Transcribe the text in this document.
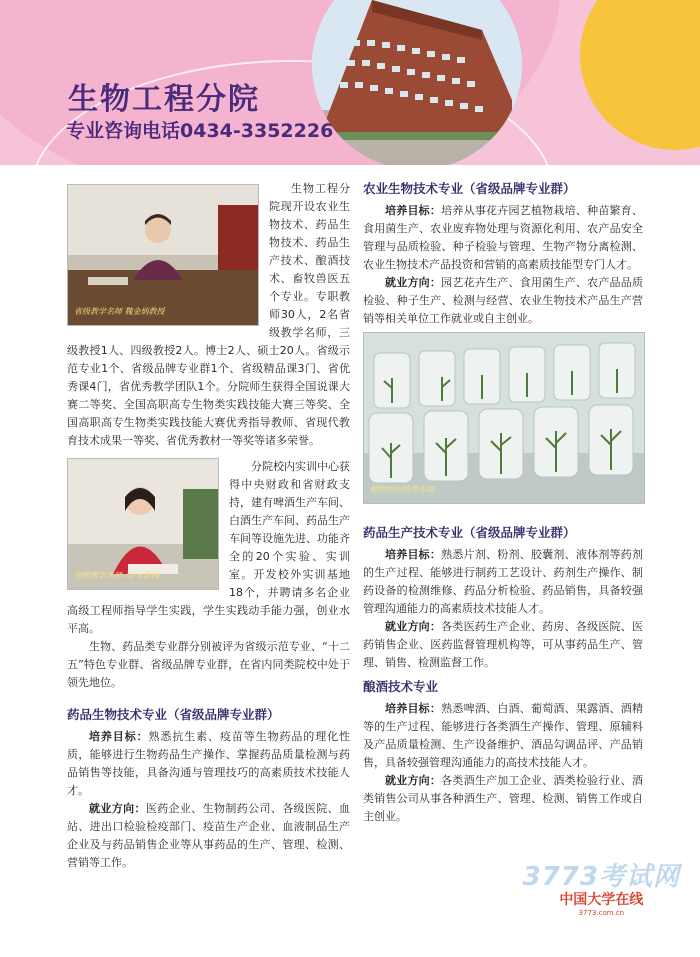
生物工程分院

专业咨询电话0434-3352226

省级教学名师 魏金炳教授

生物工程分院现开设农业生物技术、药品生物技术、药品生产技术、酿酒技术、畜牧兽医五个专业。专职教师30人，2名省级教学名师，三级教授1人、四级教授2人。博士2人、硕士20人。省级示范专业1个、省级品牌专业群1个、省级精品课3门、省优秀课4门，省优秀教学团队1个。分院师生获得全国说课大赛二等奖、全国高职高专生物类实践技能大赛三等奖、全国高职高专生物类实践技能大赛优秀指导教师、省现代教育技术成果一等奖、省优秀教材一等奖等诸多荣誉。

省级教学名师 马 雪教授

分院校内实训中心获得中央财政和省财政支持，建有啤酒生产车间、白酒生产车间、药品生产车间等设施先进、功能齐全的20个实验、实训室。开发校外实训基地18个，并聘请多名企业高级工程师指导学生实践，学生实践动手能力强，创业水平高。

生物、药品类专业群分别被评为省级示范专业、“十二五”特色专业群、省级品牌专业群，在省内同类院校中处于领先地位。

药品生物技术专业（省级品牌专业群）

培养目标：熟悉抗生素、疫苗等生物药品的理化性质，能够进行生物药品生产操作、掌握药品质量检测与药品销售等技能，具备沟通与管理技巧的高素质技术技能人才。

就业方向：医药企业、生物制药公司、各级医院、血站、进出口检验检疫部门、疫苗生产企业、血液制品生产企业及与药品销售企业等从事药品的生产、管理、检测、营销等工作。

农业生物技术专业（省级品牌专业群）

培养目标：培养从事花卉园艺植物栽培、种苗繁育、食用菌生产、农业废弃物处理与资源化利用、农产品安全管理与品质检验、种子检验与管理、生物产物分离检测、农业生物技术产品投资和营销的高素质技能型专门人才。

就业方向：园艺花卉生产、食用菌生产、农产品品质检验、种子生产、检测与经营、农业生物技术产品生产营销等相关单位工作就业或自主创业。

植物组织培养车间
药品生产技术专业（省级品牌专业群）

培养目标：熟悉片剂、粉剂、胶囊剂、液体剂等药剂的生产过程、能够进行制药工艺设计、药剂生产操作、制药设备的检测维修、药品分析检验、药品销售，具备较强管理沟通能力的高素质技术技能人才。

就业方向：各类医药生产企业、药房、各级医院、医药销售企业、医药监督管理机构等，可从事药品生产、管理、销售、检测监督工作。

酿酒技术专业

培养目标：熟悉啤酒、白酒、葡萄酒、果露酒、酒精等的生产过程、能够进行各类酒生产操作、管理、原辅料及产品质量检测、生产设备维护、酒品勾调品评、产品销售，具备较强管理沟通能力的高技术技能人才。

就业方向：各类酒生产加工企业、酒类检验行业、酒类销售公司从事各种酒生产、管理、检测、销售工作或自主创业。

3773考试网
中国大学在线
3773.com.cn
